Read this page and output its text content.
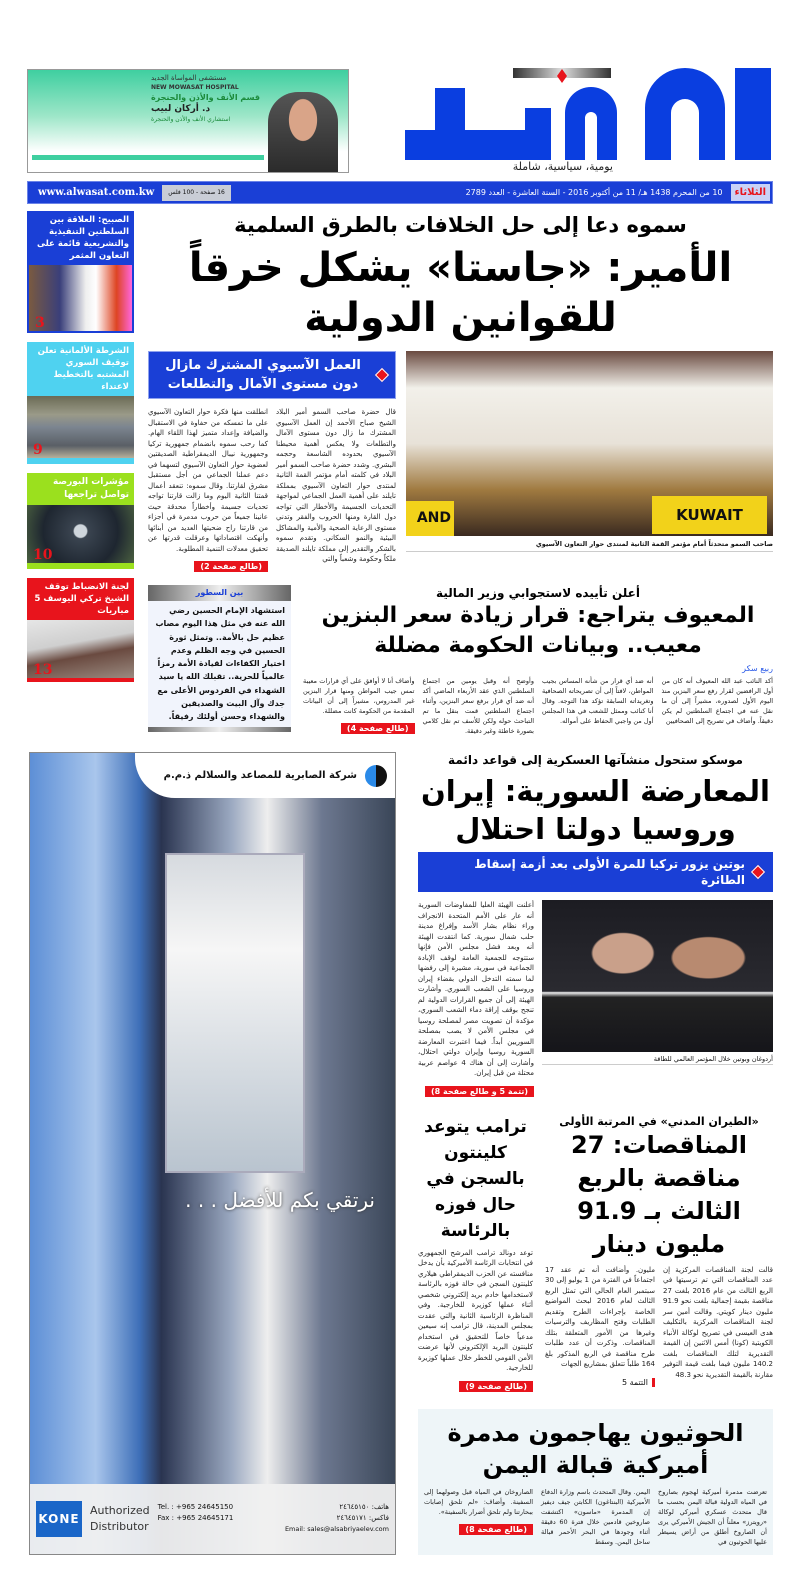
يومية، سياسية، شاملة
مستشفى المواساة الجديد
NEW MOWASAT HOSPITAL
قسم الأنف والأذن والحنجرة
د. أركان لبيب
استشاري الأنف والأذن والحنجرة
الثلاثاء
10 من المحرم 1438 هـ/ 11 من أكتوبر 2016 - السنة العاشرة - العدد 2789
16 صفحة - 100 فلس
www.alwasat.com.kw
الصبيح: العلاقة بين السلطتين التنفيذية والتشريعية قائمة على التعاون المثمر
3
الشرطة الألمانية تعلن توقيف السوري المشتبه بالتخطيط لاعتداء
9
مؤشرات البورصة تواصل تراجعها
10
لجنة الانضباط توقف الشيخ تركي اليوسف 5 مباريات
13
سموه دعا إلى حل الخلافات بالطرق السلمية
الأمير: «جاستا» يشكل خرقاً للقوانين الدولية
AND	KUWAIT
صاحب السمو متحدثاً أمام مؤتمر القمة الثانية لمنتدى حوار التعاون الآسيوي
العمل الآسيوي المشترك مازال دون مستوى الآمال والتطلعات
قال حضرة صاحب السمو أمير البلاد الشيخ صباح الأحمد إن العمل الآسيوي المشترك ما زال دون مستوى الآمال والتطلعات ولا يعكس أهمية محيطنا الآسيوي بحدوده الشاسعة وحجمه البشري. وشدد حضرة صاحب السمو أمير البلاد في كلمته أمام مؤتمر القمة الثانية لمنتدى حوار التعاون الآسيوي بمملكة تايلند على أهمية العمل الجماعي لمواجهة التحديات الجسيمة والأخطار التي تواجه دول القارة ومنها الحروب والفقر وتدني مستوى الرعاية الصحية والأمية والمشاكل البيئية والنمو السكاني. وتقدم سموه بالشكر والتقدير إلى مملكة تايلند الصديقة ملكاً وحكومة وشعباً والتي
انطلقت منها فكرة حوار التعاون الآسيوي على ما تمسكه من حفاوة في الاستقبال والضيافة وإعداد متميز لهذا اللقاء الهام. كما رحب سموه بانضمام جمهورية تركيا وجمهورية نيبال الديمقراطية الصديقتين لعضوية حوار التعاون الآسيوي لتسهما في دعم عملنا الجماعي من أجل مستقبل مشرق لقارتنا. وقال سموه: تنعقد أعمال قمتنا الثانية اليوم وما زالت قارتنا تواجه تحديات جسيمة وأخطاراً محدقة حيث عانينا جميعاً من حروب مدمرة في أجزاء من قارتنا راح ضحيتها العديد من أبنائها وأنهكت اقتصاداتها وعرقلت قدرتها عن تحقيق معدلات التنمية المطلوبة.
(طالع صفحة 2)
أعلن تأييده لاستجوابي وزير المالية
المعيوف يتراجع: قرار زيادة سعر البنزين معيب.. وبيانات الحكومة مضللة
ربيع سكر
أكد النائب عبد الله المعيوف أنه كان من أول الرافضين لقرار رفع سعر البنزين منذ اليوم الأول لصدوره، مشيراً إلى أن ما نقل عنه في اجتماع السلطتين لم يكن دقيقاً. وأضاف في تصريح إلى الصحافيين
أنه ضد أي قرار من شأنه المساس بجيب المواطن، لافتاً إلى أن تصريحاته الصحافية وتغريداته السابقة تؤكد هذا التوجه. وقال أنا كنائب وممثل للشعب في هذا المجلس أول من واجبي الحفاظ على أمواله.
وأوضح أنه وقبل يومين من اجتماع السلطتين الذي عقد الأربعاء الماضي أكد أنه ضد أي قرار برفع سعر البنزين، وأثناء اجتماع السلطتين قمت بنقل ما تم التباحث حوله ولكن للأسف تم نقل كلامي بصورة خاطئة وغير دقيقة.
وأضاف أنا لا أوافق على أي قرارات معيبة تمس جيب المواطن ومنها قرار البنزين غير المدروس، مشيراً إلى أن البيانات المقدمة من الحكومة كانت مضللة.
(طالع صفحة 4)
بين السطور
استشهاد الإمام الحسين رضي الله عنه في مثل هذا اليوم مصاب عظيم حل بالأمة.. وتمثل ثورة الحسين في وجه الظلم وعدم اختيار الكفاءات لقيادة الأمة رمزاً عالمياً للحرية.. تقبلك الله يا سيد الشهداء في الفردوس الأعلى مع جدك وآل البيت والصديقين والشهداء وحسن أولئك رفيقاً.
موسكو ستحول منشآتها العسكرية إلى قواعد دائمة
المعارضة السورية: إيران وروسيا دولتا احتلال
بوتين يزور تركيا للمرة الأولى بعد أزمة إسقاط الطائرة
أردوغان وبوتين خلال المؤتمر العالمي للطاقة
أعلنت الهيئة العليا للمفاوضات السورية أنه عار على الأمم المتحدة الانجراف وراء نظام بشار الأسد وإفراغ مدينة حلب شمال سورية. كما انتقدت الهيئة أنه وبعد فشل مجلس الأمن فإنها ستتوجه للجمعية العامة لوقف الإبادة الجماعية في سورية، مشيرة إلى رفضها لما سمته التدخل الدولي بقضاء إيران وروسيا على الشعب السوري. وأشارت الهيئة إلى أن جميع القرارات الدولية لم تنجح بوقف إراقة دماء الشعب السوري، مؤكدة أن تصويت مصر لمصلحة روسيا في مجلس الأمن لا يصب بمصلحة السوريين أبداً. فيما اعتبرت المعارضة السورية روسيا وإيران دولتي احتلال، وأشارت إلى أن هناك 4 عواصم عربية محتلة من قبل إيران.
(تتمة 5 و طالع صفحة 8)
«الطيران المدني» في المرتبة الأولى
المناقصات: 27 مناقصة بالربع الثالث بـ 91.9 مليون دينار
قالت لجنة المناقصات المركزية إن عدد المناقصات التي تم ترسيتها في الربع الثالث من عام 2016 بلغت 27 مناقصة بقيمة إجمالية بلغت نحو 91.9 مليون دينار كويتي. وقالت أمين سر لجنة المناقصات المركزية بالتكليف هدى العيسى في تصريح لوكالة الأنباء الكويتية (كونا) أمس الاثنين إن القيمة التقديرية لتلك المناقصات بلغت 140.2 مليون فيما بلغت قيمة التوفير مقارنة بالقيمة التقديرية نحو 48.3
مليون. وأضافت أنه تم عقد 17 اجتماعاً في الفترة من 1 يوليو إلى 30 سبتمبر العام الحالي التي تمثل الربع الثالث لعام 2016 لبحث المواضيع الخاصة بإجراءات الطرح وتقديم الطلبات وفتح المظاريف والترسيات وغيرها من الأمور المتعلقة بتلك المناقصات. وذكرت أن عدد طلبات طرح مناقصة في الربع المذكور بلغ 164 طلباً تتعلق بمشاريع الجهات
التتمة 5
ترامب يتوعد كلينتون بالسجن في حال فوزه بالرئاسة
توعد دونالد ترامب المرشح الجمهوري في انتخابات الرئاسة الأميركية بأن يدخل منافسته عن الحزب الديمقراطي هيلاري كلينتون السجن في حالة فوزه بالرئاسة لاستخدامها خادم بريد إلكتروني شخصي أثناء عملها كوزيرة للخارجية. وفي المناظرة الرئاسية الثانية والتي عقدت بمجلس المدينة، قال ترامب إنه سيعين مدعياً خاصاً للتحقيق في استخدام كلينتون البريد الإلكتروني لأنها عرضت الأمن القومي للخطر خلال عملها كوزيرة للخارجية.
(طالع صفحة 9)
الحوثيون يهاجمون مدمرة أميركية قبالة اليمن
تعرضت مدمرة أميركية لهجوم بصاروخ في المياه الدولية قبالة اليمن بحسب ما قال متحدث عسكري أميركي لوكالة «رويترز» معلناً أن الجيش الأميركي يرى أن الصاروخ أطلق من أراض يسيطر عليها الحوثيون في
اليمن. وقال المتحدث باسم وزارة الدفاع الأميركية (البنتاغون) الكابتن جيف ديفيز إن المدمرة «ماسون» اكتشفت صاروخين قادمين خلال فترة 60 دقيقة أثناء وجودها في البحر الأحمر قبالة ساحل اليمن. وسقط
الصاروخان في المياه قبل وصولهما إلى السفينة. وأضاف: «لم تلحق إصابات ببحارتنا ولم تلحق أضرار بالسفينة».
(طالع صفحة 8)
شركة الصابرية للمصاعد والسلالم ذ.م.م
نرتقي بكم للأفضل . . .
KONE
Authorized
Distributor
Tel. : +965 24645150	هاتف: ٢٤٦٤٥١٥٠
Fax : +965 24645171	فاكس: ٢٤٦٤٥١٧١
Email: sales@alsabriyaelev.com
